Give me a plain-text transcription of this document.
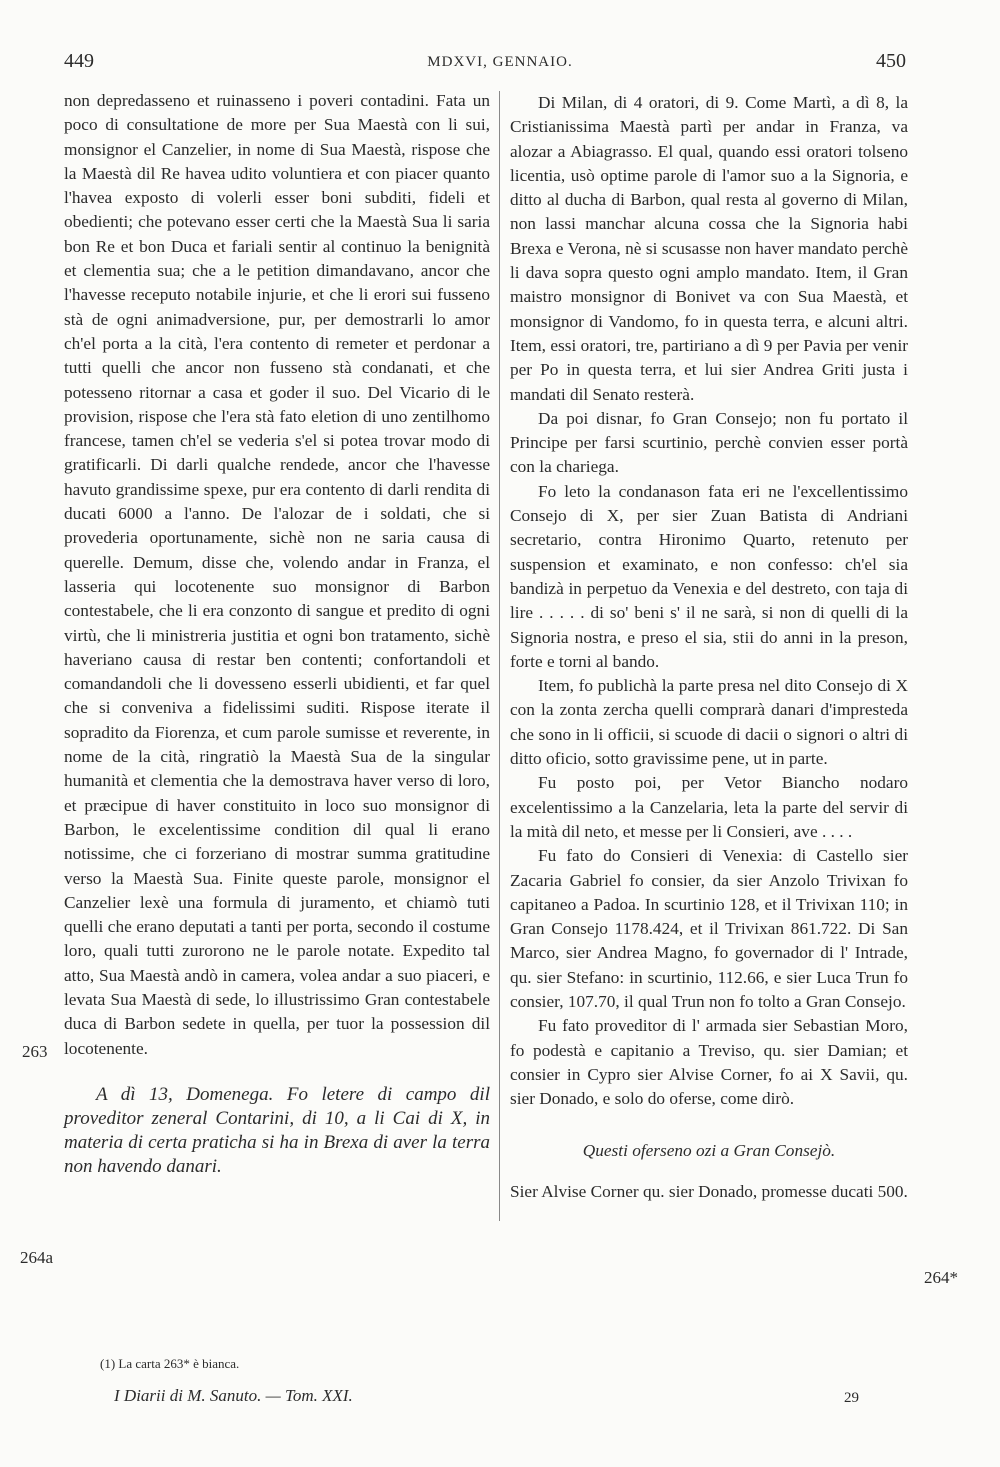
449	MDXVI, GENNAIO.	450

non depredasseno et ruinasseno i poveri contadini. Fata un poco di consultatione de more per Sua Maestà con li sui, monsignor el Canzelier, in nome di Sua Maestà, rispose che la Maestà dil Re havea udito voluntiera et con piacer quanto l'havea exposto di volerli esser boni subditi, fideli et obedienti; che potevano esser certi che la Maestà Sua li saria bon Re et bon Duca et fariali sentir al continuo la benignità et clementia sua; che a le petition dimandavano, ancor che l'havesse receputo notabile injurie, et che li erori sui fusseno stà de ogni animadversione, pur, per demostrarli lo amor ch'el porta a la cità, l'era contento di remeter et perdonar a tutti quelli che ancor non fusseno stà condanati, et che potesseno ritornar a casa et goder il suo. Del Vicario di le provision, rispose che l'era stà fato eletion di uno zentilhomo francese, tamen ch'el se vederia s'el si potea trovar modo di gratificarli. Di darli qualche rendede, ancor che l'havesse havuto grandissime spexe, pur era contento di darli rendita di ducati 6000 a l'anno. De l'alozar de i soldati, che si provederia oportunamente, sichè non ne saria causa di querelle. Demum, disse che, volendo andar in Franza, el lasseria qui locotenente suo monsignor di Barbon contestabele, che li era conzonto di sangue et predito di ogni virtù, che li ministreria justitia et ogni bon tratamento, sichè haveriano causa di restar ben contenti; confortandoli et comandandoli che li dovesseno esserli ubidienti, et far quel che si conveniva a fidelissimi suditi. Rispose iterate il sopradito da Fiorenza, et cum parole sumisse et reverente, in nome de la cità, ringratiò la Maestà Sua de la singular humanità et clementia che la demostrava haver verso di loro, et præcipue di haver constituito in loco suo monsignor di Barbon, le excelentissime condition dil qual li erano notissime, che ci forzeriano di mostrar summa gratitudine verso la Maestà Sua. Finite queste parole, monsignor el Canzelier lexè una formula di juramento, et chiamò tuti quelli che erano deputati a tanti per porta, secondo il costume loro, quali tutti zurorono ne le parole notate. Expedito tal atto, Sua Maestà andò in camera, volea andar a suo piaceri, e levata Sua Maestà di sede, lo illustrissimo Gran contestabele duca di Barbon sedete in quella, per tuor la possession dil locotenente.

A dì 13, Domenega. Fo letere di campo dil proveditor zeneral Contarini, di 10, a li Cai di X, in materia di certa praticha si ha in Brexa di aver la terra non havendo danari.

Di Milan, di 4 oratori, di 9. Come Martì, a dì 8, la Cristianissima Maestà partì per andar in Franza, va alozar a Abiagrasso. El qual, quando essi oratori tolseno licentia, usò optime parole di l'amor suo a la Signoria, e ditto al ducha di Barbon, qual resta al governo di Milan, non lassi manchar alcuna cossa che la Signoria habi Brexa e Verona, nè si scusasse non haver mandato perchè li dava sopra questo ogni amplo mandato. Item, il Gran maistro monsignor di Bonivet va con Sua Maestà, et monsignor di Vandomo, fo in questa terra, e alcuni altri. Item, essi oratori, tre, partiriano a dì 9 per Pavia per venir per Po in questa terra, et lui sier Andrea Griti justa i mandati dil Senato resterà.

Da poi disnar, fo Gran Consejo; non fu portato il Principe per farsi scurtinio, perchè convien esser portà con la chariega.

Fo leto la condanason fata eri ne l'excellentissimo Consejo di X, per sier Zuan Batista di Andriani secretario, contra Hironimo Quarto, retenuto per suspension et examinato, e non confesso: ch'el sia bandizà in perpetuo da Venexia e del destreto, con taja di lire . . . . . di so' beni s' il ne sarà, si non di quelli di la Signoria nostra, e preso el sia, stii do anni in la preson, forte e torni al bando.

Item, fo publichà la parte presa nel dito Consejo di X con la zonta zercha quelli comprarà danari d'impresteda che sono in li officii, si scuode di dacii o signori o altri di ditto oficio, sotto gravissime pene, ut in parte.

Fu posto poi, per Vetor Biancho nodaro excelentissimo a la Canzelaria, leta la parte del servir di la mità dil neto, et messe per li Consieri, ave . . . .

Fu fato do Consieri di Venexia: di Castello sier Zacaria Gabriel fo consier, da sier Anzolo Trivixan fo capitaneo a Padoa. In scurtinio 128, et il Trivixan 110; in Gran Consejo 1178.424, et il Trivixan 861.722. Di San Marco, sier Andrea Magno, fo governador di l' Intrade, qu. sier Stefano: in scurtinio, 112.66, e sier Luca Trun fo consier, 107.70, il qual Trun non fo tolto a Gran Consejo.

Fu fato proveditor di l' armada sier Sebastian Moro, fo podestà e capitanio a Treviso, qu. sier Damian; et consier in Cypro sier Alvise Corner, fo ai X Savii, qu. sier Donado, e solo do oferse, come dirò.

Questi oferseno ozi a Gran Consejò.

Sier Alvise Corner qu. sier Donado, promesse ducati 500.

263
264a
264*
(1) La carta 263* è bianca.
I Diarii di M. Sanuto. — Tom. XXI.	29
